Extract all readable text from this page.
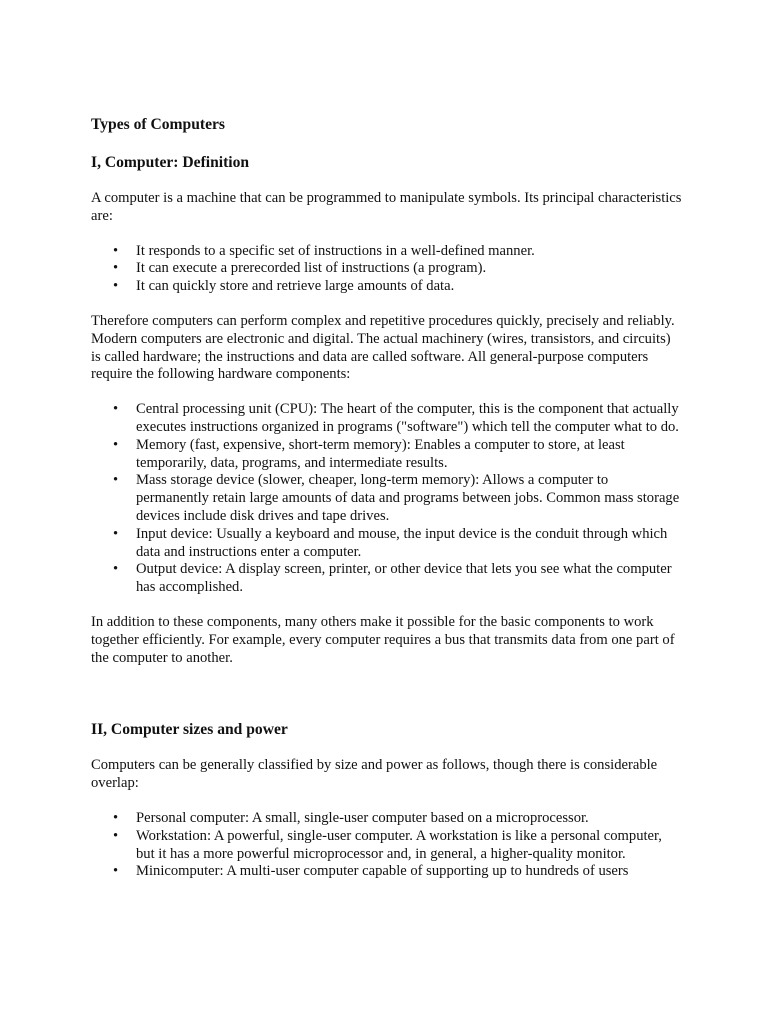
Types of Computers
I, Computer: Definition

A computer is a machine that can be programmed to manipulate symbols. Its principal characteristics are:

• It responds to a specific set of instructions in a well-defined manner.
• It can execute a prerecorded list of instructions (a program).
• It can quickly store and retrieve large amounts of data.

Therefore computers can perform complex and repetitive procedures quickly, precisely and reliably. Modern computers are electronic and digital. The actual machinery (wires, transistors, and circuits) is called hardware; the instructions and data are called software. All general-purpose computers require the following hardware components:

• Central processing unit (CPU): The heart of the computer, this is the component that actually executes instructions organized in programs ("software") which tell the computer what to do.
• Memory (fast, expensive, short-term memory): Enables a computer to store, at least temporarily, data, programs, and intermediate results.
• Mass storage device (slower, cheaper, long-term memory): Allows a computer to permanently retain large amounts of data and programs between jobs. Common mass storage devices include disk drives and tape drives.
• Input device: Usually a keyboard and mouse, the input device is the conduit through which data and instructions enter a computer.
• Output device: A display screen, printer, or other device that lets you see what the computer has accomplished.

In addition to these components, many others make it possible for the basic components to work together efficiently. For example, every computer requires a bus that transmits data from one part of the computer to another.

II, Computer sizes and power

Computers can be generally classified by size and power as follows, though there is considerable overlap:

• Personal computer: A small, single-user computer based on a microprocessor.
• Workstation: A powerful, single-user computer. A workstation is like a personal computer, but it has a more powerful microprocessor and, in general, a higher-quality monitor.
• Minicomputer: A multi-user computer capable of supporting up to hundreds of users
